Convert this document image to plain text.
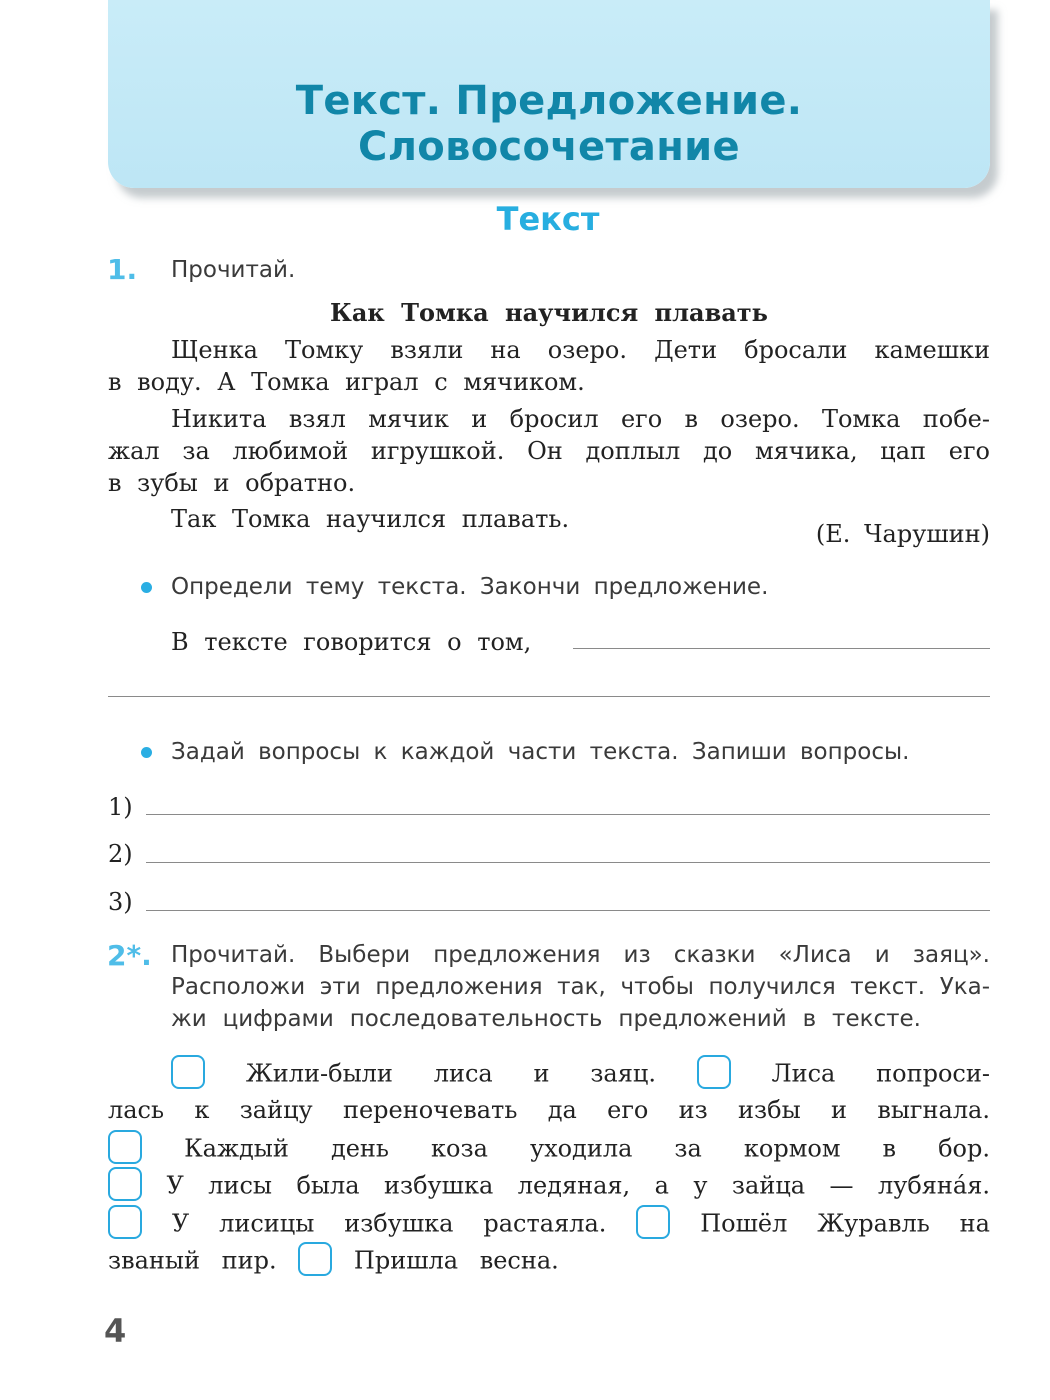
Текст. Предложение.
Словосочетание
Текст
1. Прочитай.
Как Томка научился плавать
Щенка Томку взяли на озеро. Дети бросали камешки
в воду. А Томка играл с мячиком.
Никита взял мячик и бросил его в озеро. Томка побе-
жал за любимой игрушкой. Он доплыл до мячика, цап его
в зубы и обратно.
Так Томка научился плавать.
(Е. Чарушин)
Определи тему текста. Закончи предложение.
В тексте говорится о том,
Задай вопросы к каждой части текста. Запиши вопросы.
1)
2)
3)
2*. Прочитай. Выбери предложения из сказки «Лиса и заяц».
Расположи эти предложения так, чтобы получился текст. Ука-
жи цифрами последовательность предложений в тексте.
Жили-были лиса и заяц.	Лиса попроси-
лась к зайцу переночевать да его из избы и выгнала.
Каждый день коза уходила за кормом в бор.
У лисы была избушка ледяная, а у зайца — лубяна́я.
У лисицы избушка растаяла.	Пошёл Журавль на
званый пир.	Пришла весна.
4
